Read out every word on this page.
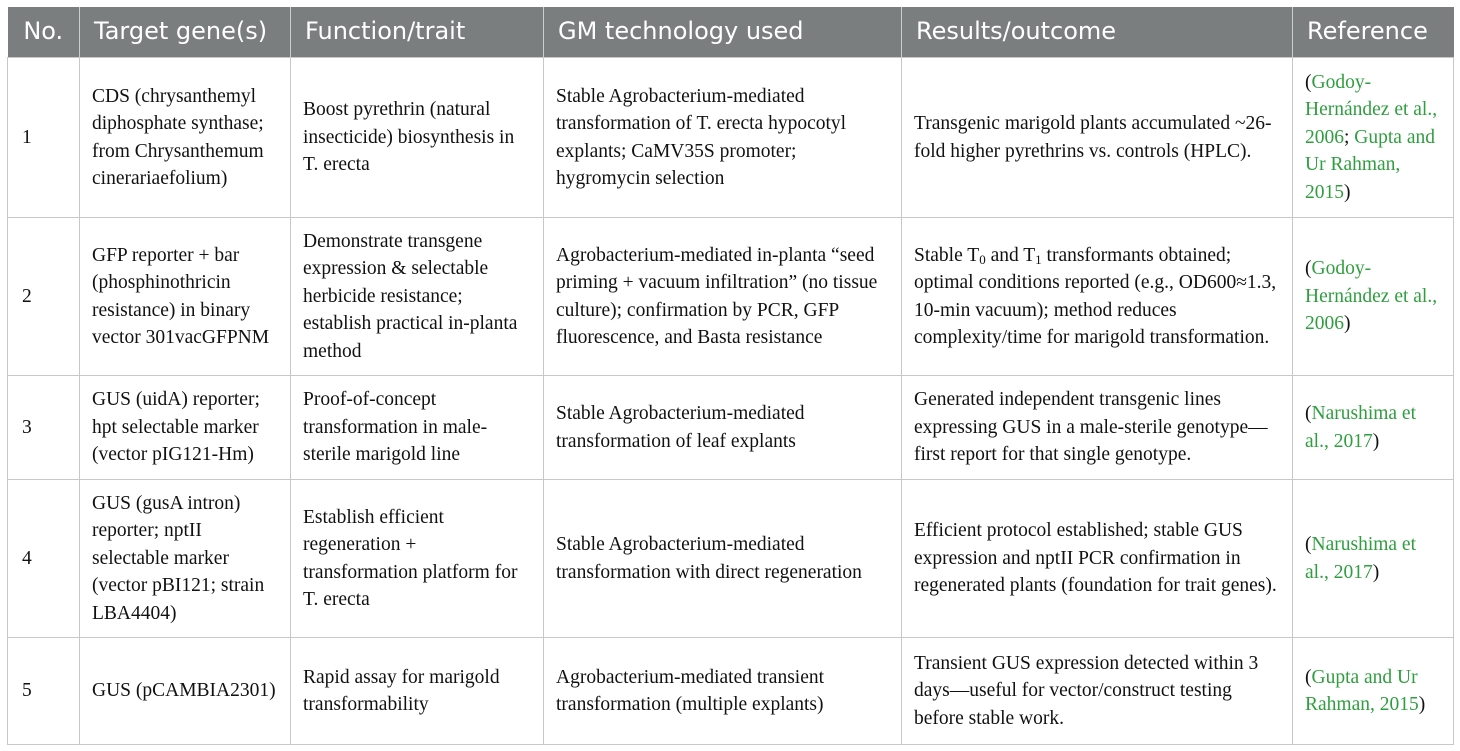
No.	Target gene(s)	Function/trait	GM technology used	Results/outcome	Reference
1	CDS (chrysanthemyl diphosphate synthase; from Chrysanthemum cinerariaefolium)	Boost pyrethrin (natural insecticide) biosynthesis in T. erecta	Stable Agrobacterium-mediated transformation of T. erecta hypocotyl explants; CaMV35S promoter; hygromycin selection	Transgenic marigold plants accumulated ~26-fold higher pyrethrins vs. controls (HPLC).	(Godoy-Hernández et al., 2006; Gupta and Ur Rahman, 2015)
2	GFP reporter + bar (phosphinothricin resistance) in binary vector 301vacGFPNM	Demonstrate transgene expression & selectable herbicide resistance; establish practical in-planta method	Agrobacterium-mediated in-planta “seed priming + vacuum infiltration” (no tissue culture); confirmation by PCR, GFP fluorescence, and Basta resistance	Stable $T_0$ and $T_1$ transformants obtained; optimal conditions reported (e.g., OD600≈1.3, 10-min vacuum); method reduces complexity/time for marigold transformation.	(Godoy-Hernández et al., 2006)
3	GUS (uidA) reporter; hpt selectable marker (vector pIG121-Hm)	Proof-of-concept transformation in male-sterile marigold line	Stable Agrobacterium-mediated transformation of leaf explants	Generated independent transgenic lines expressing GUS in a male-sterile genotype—first report for that single genotype.	(Narushima et al., 2017)
4	GUS (gusA intron) reporter; nptII selectable marker (vector pBI121; strain LBA4404)	Establish efficient regeneration + transformation platform for T. erecta	Stable Agrobacterium-mediated transformation with direct regeneration	Efficient protocol established; stable GUS expression and nptII PCR confirmation in regenerated plants (foundation for trait genes).	(Narushima et al., 2017)
5	GUS (pCAMBIA2301)	Rapid assay for marigold transformability	Agrobacterium-mediated transient transformation (multiple explants)	Transient GUS expression detected within 3 days—useful for vector/construct testing before stable work.	(Gupta and Ur Rahman, 2015)
